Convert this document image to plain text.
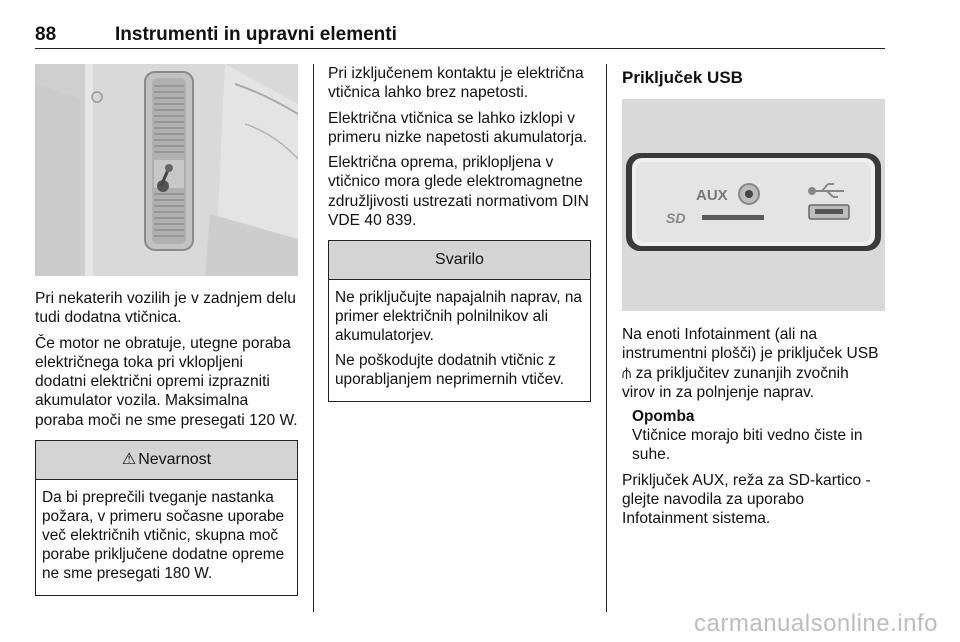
88	Instrumenti in upravni elementi

Pri nekaterih vozilih je v zadnjem delu tudi dodatna vtičnica.

Če motor ne obratuje, utegne poraba električnega toka pri vklopljeni dodatni električni opremi izprazniti akumulator vozila. Maksimalna poraba moči ne sme presegati 120 W.

⚠ Nevarnost

Da bi preprečili tveganje nastanka požara, v primeru sočasne uporabe več električnih vtičnic, skupna moč porabe priključene dodatne opreme ne sme presegati 180 W.

Pri izključenem kontaktu je električna vtičnica lahko brez napetosti.

Električna vtičnica se lahko izklopi v primeru nizke napetosti akumulatorja.

Električna oprema, priklopljena v vtičnico mora glede elektromagnetne združljivosti ustrezati normativom DIN VDE 40 839.

Svarilo

Ne priključujte napajalnih naprav, na primer električnih polnilnikov ali akumulatorjev.

Ne poškodujte dodatnih vtičnic z uporabljanjem neprimernih vtičev.

Priključek USB
AUX
SD

Na enoti Infotainment (ali na instrumentni plošči) je priključek USB ⫛ za priključitev zunanjih zvočnih virov in za polnjenje naprav.

Opomba

Vtičnice morajo biti vedno čiste in suhe.

Priključek AUX, reža za SD-kartico - glejte navodila za uporabo Infotainment sistema.

carmanualsonline.info
